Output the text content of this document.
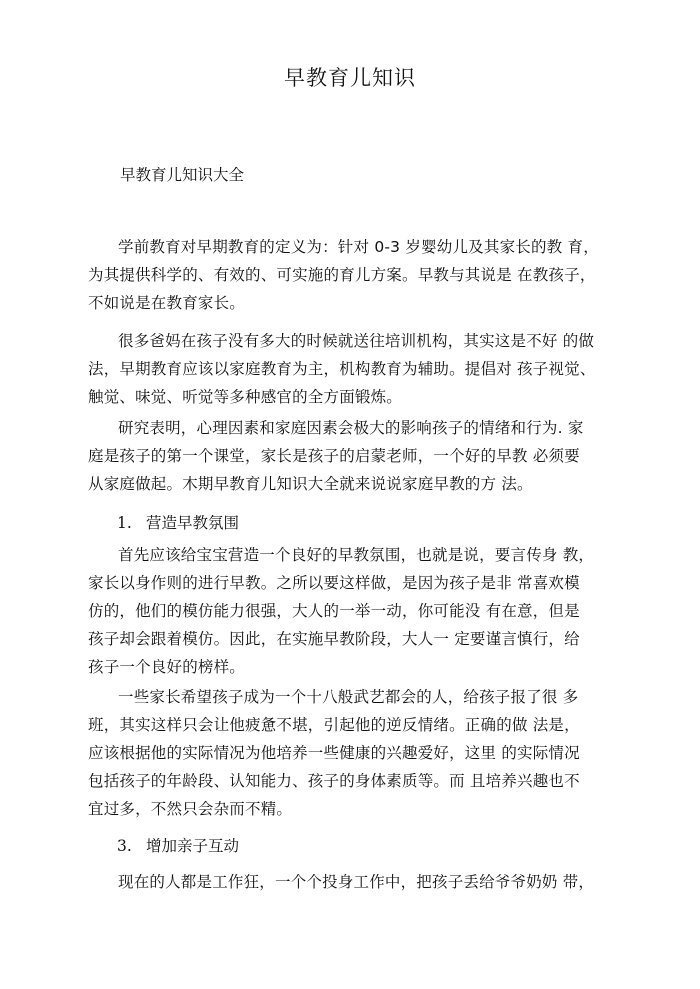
早教育儿知识
早教育儿知识大全
学前教育对早期教育的定义为：针对 0-3 岁婴幼儿及其家长的教 育，
为其提供科学的、有效的、可实施的育儿方案。早教与其说是 在教孩子，
不如说是在教育家长。
很多爸妈在孩子没有多大的时候就送往培训机构，其实这是不好 的做
法，早期教育应该以家庭教育为主，机构教育为辅助。提倡对 孩子视觉、
触觉、味觉、听觉等多种感官的全方面锻炼。
研究表明，心理因素和家庭因素会极大的影响孩子的情绪和行为. 家
庭是孩子的第一个课堂，家长是孩子的启蒙老师，一个好的早教 必须要
从家庭做起。木期早教育儿知识大全就来说说家庭早教的方 法。
1. 营造早教氛围
首先应该给宝宝营造一个良好的早教氛围，也就是说，要言传身 教，
家长以身作则的进行早教。之所以要这样做，是因为孩子是非 常喜欢模
仿的，他们的模仿能力很强，大人的一举一动，你可能没 有在意，但是
孩子却会跟着模仿。因此，在实施早教阶段，大人一 定要谨言慎行，给
孩子一个良好的榜样。
一些家长希望孩子成为一个十八般武艺都会的人，给孩子报了很 多
班，其实这样只会让他疲惫不堪，引起他的逆反情绪。正确的做 法是，
应该根据他的实际情况为他培养一些健康的兴趣爱好，这里 的实际情况
包括孩子的年龄段、认知能力、孩子的身体素质等。而 且培养兴趣也不
宜过多，不然只会杂而不精。
3. 增加亲子互动
现在的人都是工作狂，一个个投身工作中，把孩子丢给爷爷奶奶 带，
